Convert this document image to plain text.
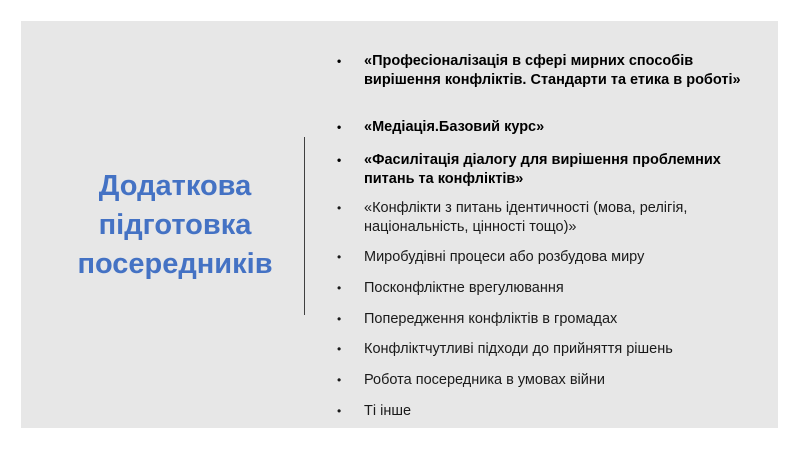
Додаткова
підготовка
посередників
•	«Професіоналізація в сфері мирних способів
вирішення конфліктів. Стандарти та етика в роботі»
•	«Медіація.Базовий курс»
•	«Фасилітація діалогу для вирішення проблемних
питань та конфліктів»
•	«Конфлікти з питань ідентичності (мова, релігія,
національність, цінності тощо)»
•	Миробудівні процеси або розбудова миру
•	Посконфліктне врегулювання
•	Попередження конфліктів в громадах
•	Конфліктчутливі підходи до прийняття рішень
•	Робота посередника в умовах війни
•	Ті інше
